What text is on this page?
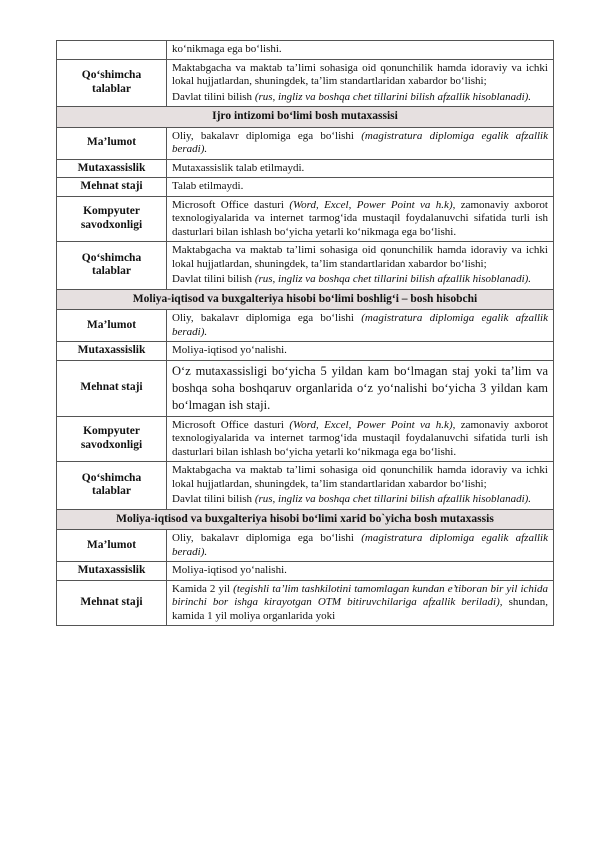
	ko‘nikmaga ega bo‘lishi.
Qo‘shimcha talablar	Maktabgacha va maktab ta’limi sohasiga oid qonunchilik hamda idoraviy va ichki lokal hujjatlardan, shuningdek, ta’lim standartlaridan xabardor bo‘lishi;

Davlat tilini bilish (rus, ingliz va boshqa chet tillarini bilish afzallik hisoblanadi).

Ijro intizomi bo‘limi bosh mutaxassisi	
Ma’lumot	Oliy, bakalavr diplomiga ega bo‘lishi (magistratura diplomiga egalik afzallik beradi).
Mutaxassislik	Mutaxassislik talab etilmaydi.
Mehnat staji	Talab etilmaydi.
Kompyuter savodxonligi	Microsoft Office dasturi (Word, Excel, Power Point va h.k), zamonaviy axborot texnologiyalarida va internet tarmog‘ida mustaqil foydalanuvchi sifatida turli ish dasturlari bilan ishlash bo‘yicha yetarli ko‘nikmaga ega bo‘lishi.
Qo‘shimcha talablar	Maktabgacha va maktab ta’limi sohasiga oid qonunchilik hamda idoraviy va ichki lokal hujjatlardan, shuningdek, ta’lim standartlaridan xabardor bo‘lishi;

Davlat tilini bilish (rus, ingliz va boshqa chet tillarini bilish afzallik hisoblanadi).

Moliya-iqtisod va buxgalteriya hisobi bo‘limi boshlig‘i – bosh hisobchi	
Ma’lumot	Oliy, bakalavr diplomiga ega bo‘lishi (magistratura diplomiga egalik afzallik beradi).
Mutaxassislik	Moliya-iqtisod yo‘nalishi.
Mehnat staji	O‘z mutaxassisligi bo‘yicha 5 yildan kam bo‘lmagan staj yoki ta’lim va boshqa soha boshqaruv organlarida o‘z yo‘nalishi bo‘yicha 3 yildan kam bo‘lmagan ish staji.
Kompyuter savodxonligi	Microsoft Office dasturi (Word, Excel, Power Point va h.k), zamonaviy axborot texnologiyalarida va internet tarmog‘ida mustaqil foydalanuvchi sifatida turli ish dasturlari bilan ishlash bo‘yicha yetarli ko‘nikmaga ega bo‘lishi.
Qo‘shimcha talablar	Maktabgacha va maktab ta’limi sohasiga oid qonunchilik hamda idoraviy va ichki lokal hujjatlardan, shuningdek, ta’lim standartlaridan xabardor bo‘lishi;

Davlat tilini bilish (rus, ingliz va boshqa chet tillarini bilish afzallik hisoblanadi).

Moliya-iqtisod va buxgalteriya hisobi bo‘limi xarid bo`yicha bosh mutaxassis	
Ma’lumot	Oliy, bakalavr diplomiga ega bo‘lishi (magistratura diplomiga egalik afzallik beradi).
Mutaxassislik	Moliya-iqtisod yo‘nalishi.
Mehnat staji	Kamida 2 yil (tegishli ta’lim tashkilotini tamomlagan kundan e’tiboran bir yil ichida birinchi bor ishga kirayotgan OTM bitiruvchilariga afzallik beriladi), shundan, kamida 1 yil moliya organlarida yoki
